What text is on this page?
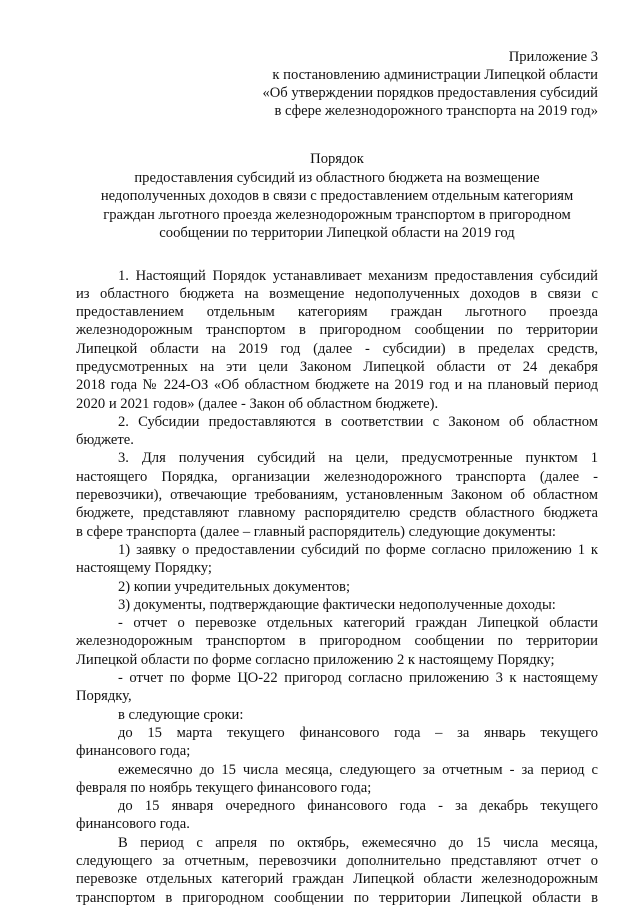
Приложение 3
к постановлению администрации Липецкой области
«Об утверждении порядков предоставления субсидий
в сфере железнодорожного транспорта на 2019 год»
Порядок
предоставления субсидий из областного бюджета на возмещение
недополученных доходов в связи с предоставлением отдельным категориям
граждан льготного проезда железнодорожным транспортом в пригородном
сообщении по территории Липецкой области на 2019 год
1. Настоящий Порядок устанавливает механизм предоставления субсидий
из областного бюджета на возмещение недополученных доходов в связи с
предоставлением отдельным категориям граждан льготного проезда
железнодорожным транспортом в пригородном сообщении по территории
Липецкой области на 2019 год (далее - субсидии) в пределах средств,
предусмотренных на эти цели Законом Липецкой области от 24 декабря
2018 года № 224-ОЗ «Об областном бюджете на 2019 год и на плановый период
2020 и 2021 годов» (далее - Закон об областном бюджете).
2. Субсидии предоставляются в соответствии с Законом об областном
бюджете.
3. Для получения субсидий на цели, предусмотренные пунктом 1
настоящего Порядка, организации железнодорожного транспорта (далее -
перевозчики), отвечающие требованиям, установленным Законом об областном
бюджете, представляют главному распорядителю средств областного бюджета
в сфере транспорта (далее – главный распорядитель) следующие документы:
1) заявку о предоставлении субсидий по форме согласно приложению 1 к
настоящему Порядку;
2) копии учредительных документов;
3) документы, подтверждающие фактически недополученные доходы:
- отчет о перевозке отдельных категорий граждан Липецкой области
железнодорожным транспортом в пригородном сообщении по территории
Липецкой области по форме согласно приложению 2 к настоящему Порядку;
- отчет по форме ЦО-22 пригород согласно приложению 3 к настоящему
Порядку,
в следующие сроки:
до 15 марта текущего финансового года – за январь текущего
финансового года;
ежемесячно до 15 числа месяца, следующего за отчетным - за период с
февраля по ноябрь текущего финансового года;
до 15 января очередного финансового года - за декабрь текущего
финансового года.
В период с апреля по октябрь, ежемесячно до 15 числа месяца,
следующего за отчетным, перевозчики дополнительно представляют отчет о
перевозке отдельных категорий граждан Липецкой области железнодорожным
транспортом в пригородном сообщении по территории Липецкой области в
